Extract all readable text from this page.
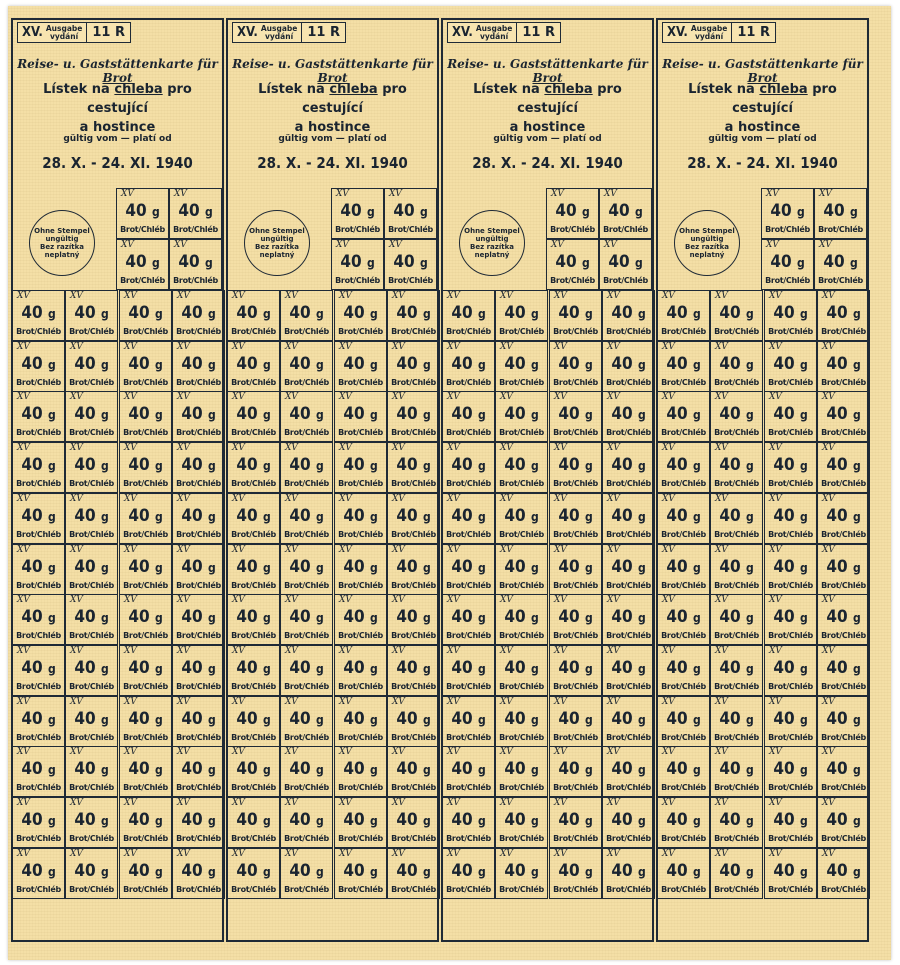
XV. Ausgabe
vydání	11 R
Reise- u. Gaststättenkarte für Brot
Lístek na chleba pro cestující
a hostince
gültig vom — platí od
28. X. - 24. XI. 1940
Ohne Stempel
ungültig
Bez razítka
neplatný
XV
40 g
Brot/Chléb
XV
40 g
Brot/Chléb
XV
40 g
Brot/Chléb
XV
40 g
Brot/Chléb
XV
40 g
Brot/Chléb
XV
40 g
Brot/Chléb
XV
40 g
Brot/Chléb
XV
40 g
Brot/Chléb
XV
40 g
Brot/Chléb
XV
40 g
Brot/Chléb
XV
40 g
Brot/Chléb
XV
40 g
Brot/Chléb
XV
40 g
Brot/Chléb
XV
40 g
Brot/Chléb
XV
40 g
Brot/Chléb
XV
40 g
Brot/Chléb
XV
40 g
Brot/Chléb
XV
40 g
Brot/Chléb
XV
40 g
Brot/Chléb
XV
40 g
Brot/Chléb
XV
40 g
Brot/Chléb
XV
40 g
Brot/Chléb
XV
40 g
Brot/Chléb
XV
40 g
Brot/Chléb
XV
40 g
Brot/Chléb
XV
40 g
Brot/Chléb
XV
40 g
Brot/Chléb
XV
40 g
Brot/Chléb
XV
40 g
Brot/Chléb
XV
40 g
Brot/Chléb
XV
40 g
Brot/Chléb
XV
40 g
Brot/Chléb
XV
40 g
Brot/Chléb
XV
40 g
Brot/Chléb
XV
40 g
Brot/Chléb
XV
40 g
Brot/Chléb
XV
40 g
Brot/Chléb
XV
40 g
Brot/Chléb
XV
40 g
Brot/Chléb
XV
40 g
Brot/Chléb
XV
40 g
Brot/Chléb
XV
40 g
Brot/Chléb
XV
40 g
Brot/Chléb
XV
40 g
Brot/Chléb
XV
40 g
Brot/Chléb
XV
40 g
Brot/Chléb
XV
40 g
Brot/Chléb
XV
40 g
Brot/Chléb
XV
40 g
Brot/Chléb
XV
40 g
Brot/Chléb
XV
40 g
Brot/Chléb
XV
40 g
Brot/Chléb
XV. Ausgabe
vydání	11 R
Reise- u. Gaststättenkarte für Brot
Lístek na chleba pro cestující
a hostince
gültig vom — platí od
28. X. - 24. XI. 1940
Ohne Stempel
ungültig
Bez razítka
neplatný
XV
40 g
Brot/Chléb
XV
40 g
Brot/Chléb
XV
40 g
Brot/Chléb
XV
40 g
Brot/Chléb
XV
40 g
Brot/Chléb
XV
40 g
Brot/Chléb
XV
40 g
Brot/Chléb
XV
40 g
Brot/Chléb
XV
40 g
Brot/Chléb
XV
40 g
Brot/Chléb
XV
40 g
Brot/Chléb
XV
40 g
Brot/Chléb
XV
40 g
Brot/Chléb
XV
40 g
Brot/Chléb
XV
40 g
Brot/Chléb
XV
40 g
Brot/Chléb
XV
40 g
Brot/Chléb
XV
40 g
Brot/Chléb
XV
40 g
Brot/Chléb
XV
40 g
Brot/Chléb
XV
40 g
Brot/Chléb
XV
40 g
Brot/Chléb
XV
40 g
Brot/Chléb
XV
40 g
Brot/Chléb
XV
40 g
Brot/Chléb
XV
40 g
Brot/Chléb
XV
40 g
Brot/Chléb
XV
40 g
Brot/Chléb
XV
40 g
Brot/Chléb
XV
40 g
Brot/Chléb
XV
40 g
Brot/Chléb
XV
40 g
Brot/Chléb
XV
40 g
Brot/Chléb
XV
40 g
Brot/Chléb
XV
40 g
Brot/Chléb
XV
40 g
Brot/Chléb
XV
40 g
Brot/Chléb
XV
40 g
Brot/Chléb
XV
40 g
Brot/Chléb
XV
40 g
Brot/Chléb
XV
40 g
Brot/Chléb
XV
40 g
Brot/Chléb
XV
40 g
Brot/Chléb
XV
40 g
Brot/Chléb
XV
40 g
Brot/Chléb
XV
40 g
Brot/Chléb
XV
40 g
Brot/Chléb
XV
40 g
Brot/Chléb
XV
40 g
Brot/Chléb
XV
40 g
Brot/Chléb
XV
40 g
Brot/Chléb
XV
40 g
Brot/Chléb
XV. Ausgabe
vydání	11 R
Reise- u. Gaststättenkarte für Brot
Lístek na chleba pro cestující
a hostince
gültig vom — platí od
28. X. - 24. XI. 1940
Ohne Stempel
ungültig
Bez razítka
neplatný
XV
40 g
Brot/Chléb
XV
40 g
Brot/Chléb
XV
40 g
Brot/Chléb
XV
40 g
Brot/Chléb
XV
40 g
Brot/Chléb
XV
40 g
Brot/Chléb
XV
40 g
Brot/Chléb
XV
40 g
Brot/Chléb
XV
40 g
Brot/Chléb
XV
40 g
Brot/Chléb
XV
40 g
Brot/Chléb
XV
40 g
Brot/Chléb
XV
40 g
Brot/Chléb
XV
40 g
Brot/Chléb
XV
40 g
Brot/Chléb
XV
40 g
Brot/Chléb
XV
40 g
Brot/Chléb
XV
40 g
Brot/Chléb
XV
40 g
Brot/Chléb
XV
40 g
Brot/Chléb
XV
40 g
Brot/Chléb
XV
40 g
Brot/Chléb
XV
40 g
Brot/Chléb
XV
40 g
Brot/Chléb
XV
40 g
Brot/Chléb
XV
40 g
Brot/Chléb
XV
40 g
Brot/Chléb
XV
40 g
Brot/Chléb
XV
40 g
Brot/Chléb
XV
40 g
Brot/Chléb
XV
40 g
Brot/Chléb
XV
40 g
Brot/Chléb
XV
40 g
Brot/Chléb
XV
40 g
Brot/Chléb
XV
40 g
Brot/Chléb
XV
40 g
Brot/Chléb
XV
40 g
Brot/Chléb
XV
40 g
Brot/Chléb
XV
40 g
Brot/Chléb
XV
40 g
Brot/Chléb
XV
40 g
Brot/Chléb
XV
40 g
Brot/Chléb
XV
40 g
Brot/Chléb
XV
40 g
Brot/Chléb
XV
40 g
Brot/Chléb
XV
40 g
Brot/Chléb
XV
40 g
Brot/Chléb
XV
40 g
Brot/Chléb
XV
40 g
Brot/Chléb
XV
40 g
Brot/Chléb
XV
40 g
Brot/Chléb
XV
40 g
Brot/Chléb
XV. Ausgabe
vydání	11 R
Reise- u. Gaststättenkarte für Brot
Lístek na chleba pro cestující
a hostince
gültig vom — platí od
28. X. - 24. XI. 1940
Ohne Stempel
ungültig
Bez razítka
neplatný
XV
40 g
Brot/Chléb
XV
40 g
Brot/Chléb
XV
40 g
Brot/Chléb
XV
40 g
Brot/Chléb
XV
40 g
Brot/Chléb
XV
40 g
Brot/Chléb
XV
40 g
Brot/Chléb
XV
40 g
Brot/Chléb
XV
40 g
Brot/Chléb
XV
40 g
Brot/Chléb
XV
40 g
Brot/Chléb
XV
40 g
Brot/Chléb
XV
40 g
Brot/Chléb
XV
40 g
Brot/Chléb
XV
40 g
Brot/Chléb
XV
40 g
Brot/Chléb
XV
40 g
Brot/Chléb
XV
40 g
Brot/Chléb
XV
40 g
Brot/Chléb
XV
40 g
Brot/Chléb
XV
40 g
Brot/Chléb
XV
40 g
Brot/Chléb
XV
40 g
Brot/Chléb
XV
40 g
Brot/Chléb
XV
40 g
Brot/Chléb
XV
40 g
Brot/Chléb
XV
40 g
Brot/Chléb
XV
40 g
Brot/Chléb
XV
40 g
Brot/Chléb
XV
40 g
Brot/Chléb
XV
40 g
Brot/Chléb
XV
40 g
Brot/Chléb
XV
40 g
Brot/Chléb
XV
40 g
Brot/Chléb
XV
40 g
Brot/Chléb
XV
40 g
Brot/Chléb
XV
40 g
Brot/Chléb
XV
40 g
Brot/Chléb
XV
40 g
Brot/Chléb
XV
40 g
Brot/Chléb
XV
40 g
Brot/Chléb
XV
40 g
Brot/Chléb
XV
40 g
Brot/Chléb
XV
40 g
Brot/Chléb
XV
40 g
Brot/Chléb
XV
40 g
Brot/Chléb
XV
40 g
Brot/Chléb
XV
40 g
Brot/Chléb
XV
40 g
Brot/Chléb
XV
40 g
Brot/Chléb
XV
40 g
Brot/Chléb
XV
40 g
Brot/Chléb
